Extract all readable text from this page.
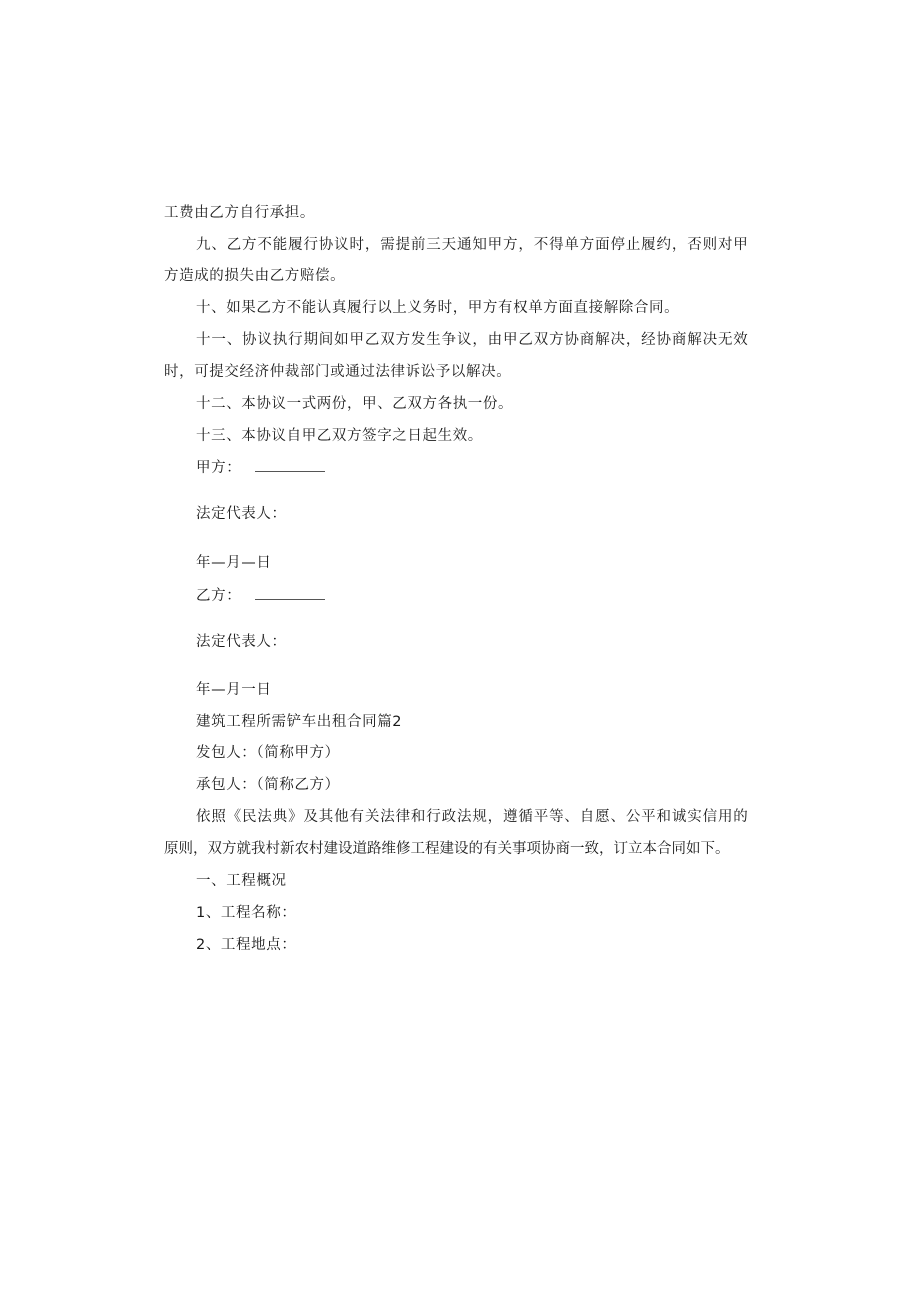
工费由乙方自行承担。
九、乙方不能履行协议时，需提前三天通知甲方，不得单方面停止履约，否则对甲
方造成的损失由乙方赔偿。
十、如果乙方不能认真履行以上义务时，甲方有权单方面直接解除合同。
十一、协议执行期间如甲乙双方发生争议，由甲乙双方协商解决，经协商解决无效
时，可提交经济仲裁部门或通过法律诉讼予以解决。
十二、本协议一式两份，甲、乙双方各执一份。
十三、本协议自甲乙双方签字之日起生效。
甲方：
法定代表人：
年—月—日
乙方：
法定代表人：
年—月一日
建筑工程所需铲车出租合同篇2
发包人：（简称甲方）
承包人：（简称乙方）
依照《民法典》及其他有关法律和行政法规，遵循平等、自愿、公平和诚实信用的
原则，双方就我村新农村建设道路维修工程建设的有关事项协商一致，订立本合同如下。
一、工程概况
1、工程名称：
2、工程地点：
